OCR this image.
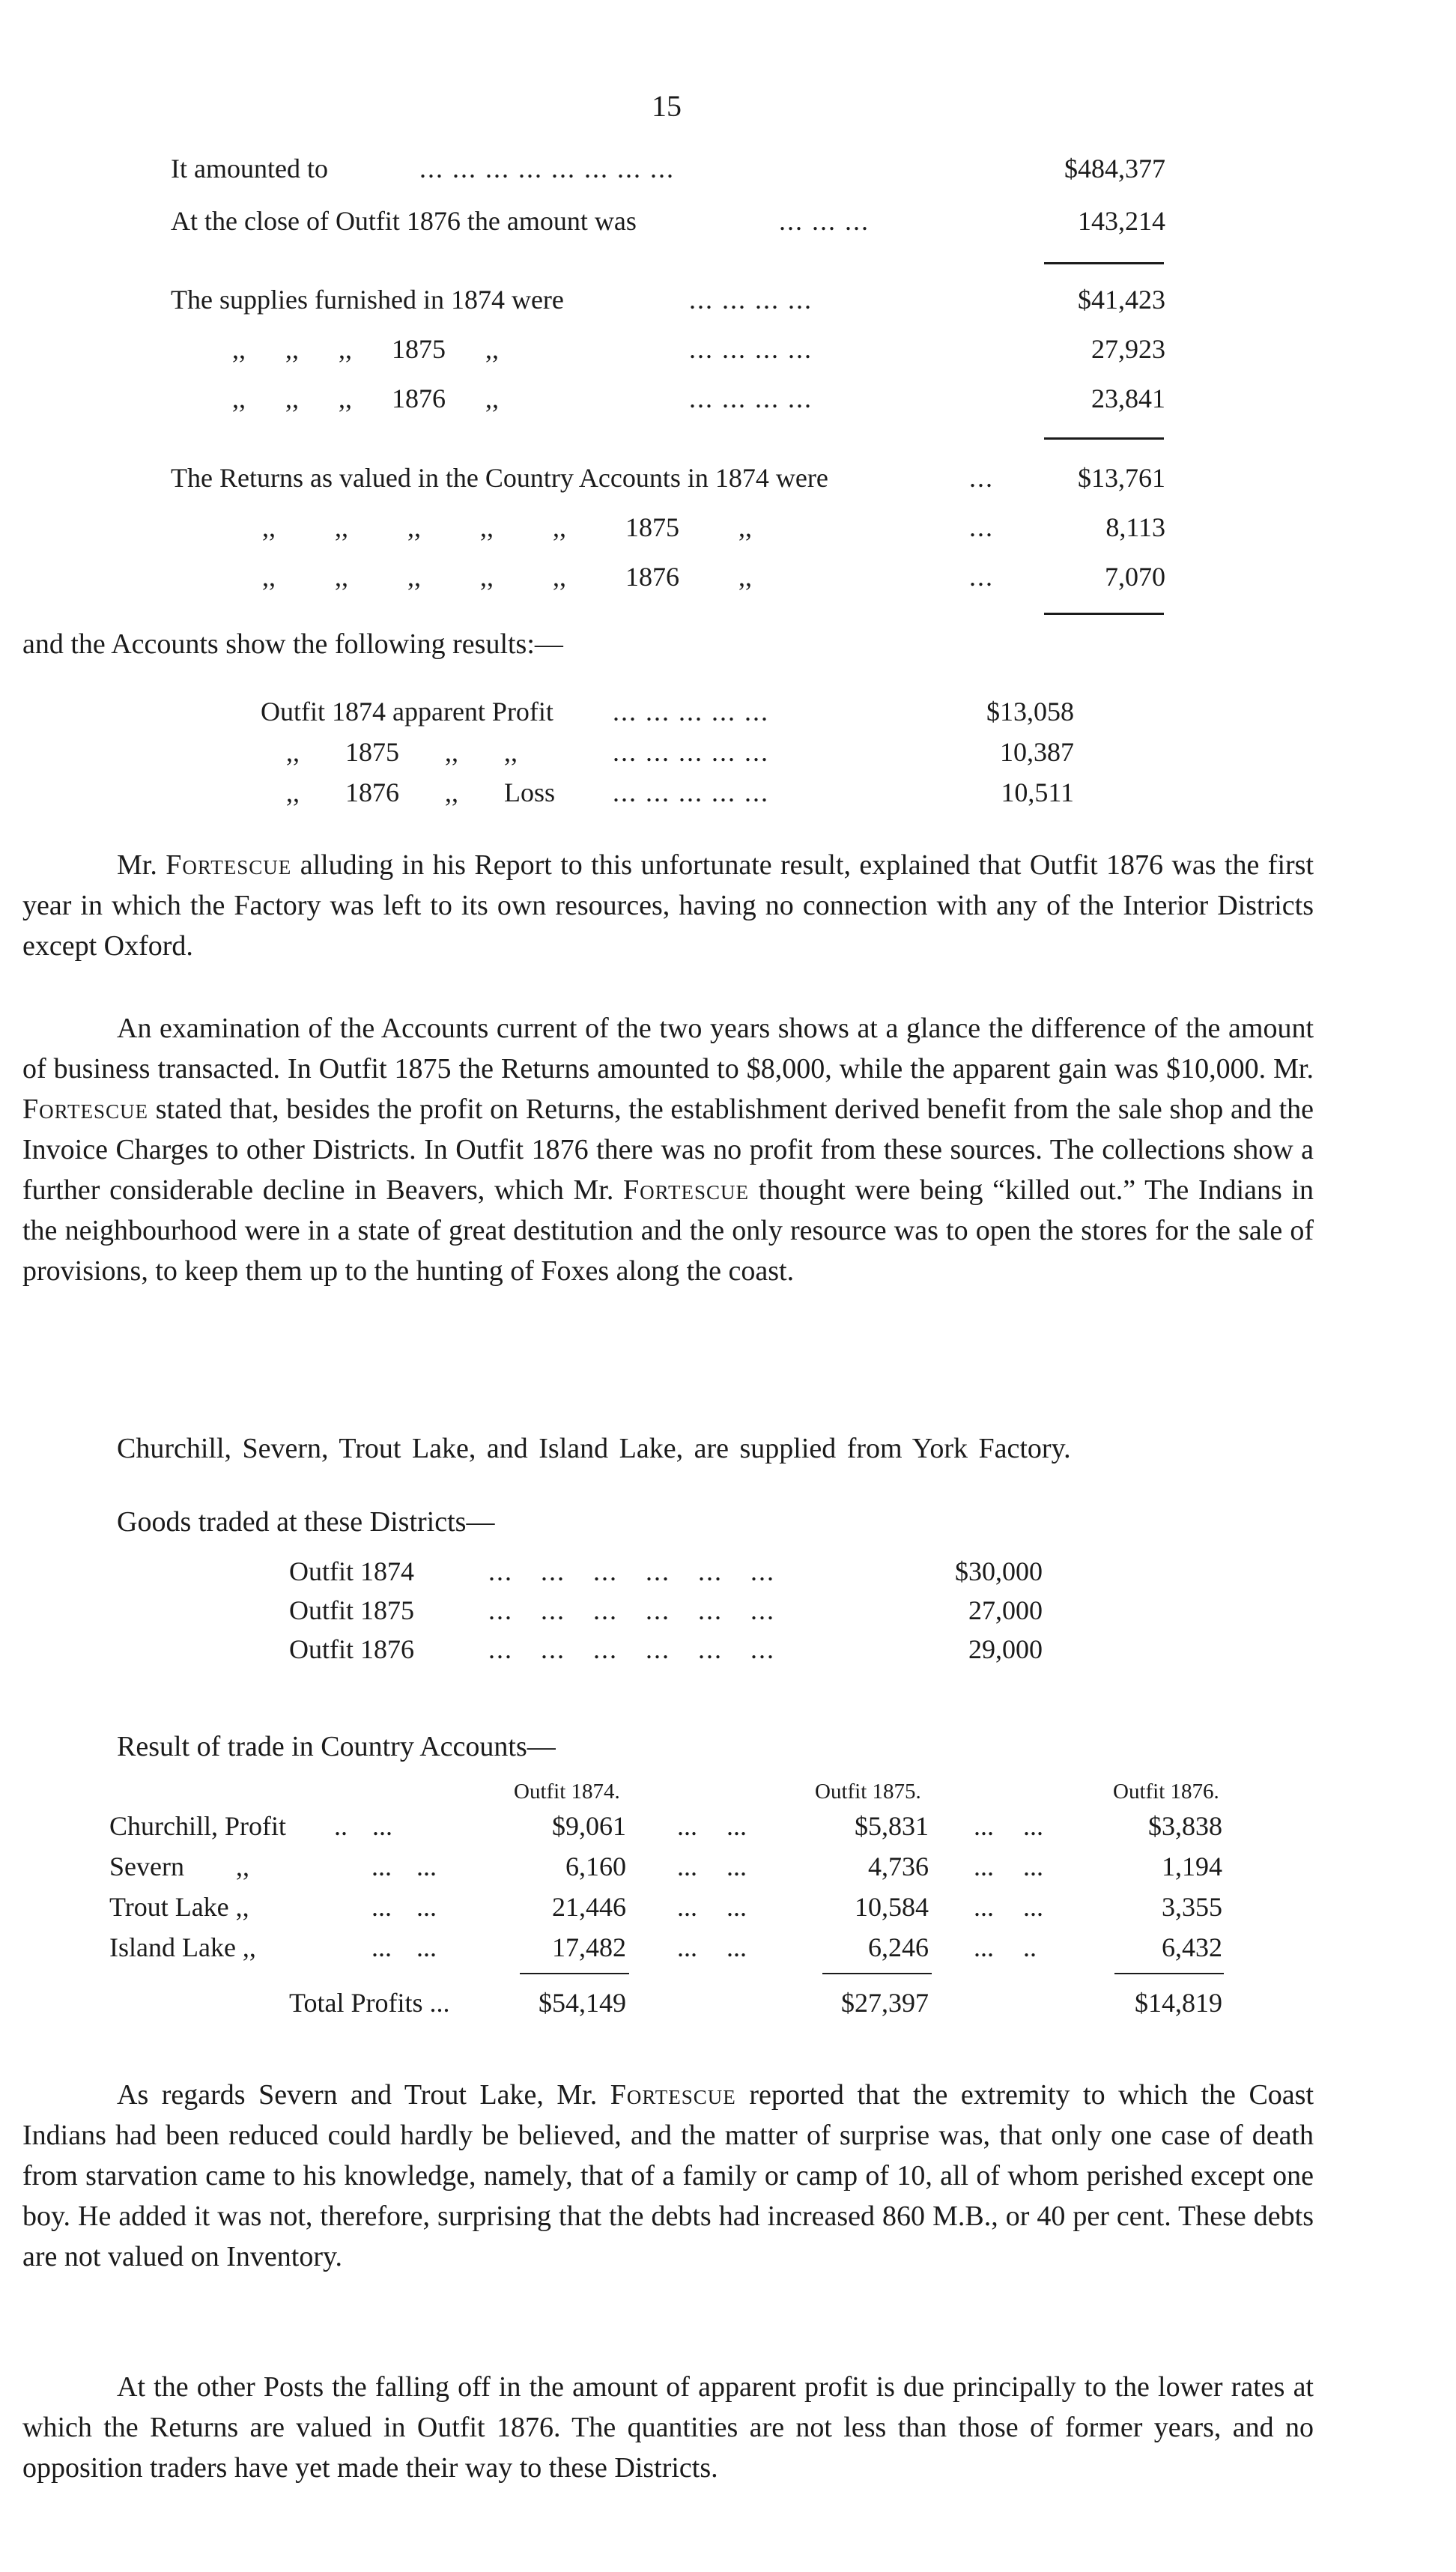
15
It amounted to	... ... ... ... ... ... ... ...	$484,377
At the close of Outfit 1876 the amount was	... ... ...	143,214
The supplies furnished in 1874 were	... ... ... ...	$41,423
,, ,, ,, 1875 ,,	... ... ... ...	27,923
,, ,, ,, 1876 ,,	... ... ... ...	23,841
The Returns as valued in the Country Accounts in 1874 were	...	$13,761
,, ,, ,, ,, ,, 1875 ,,	...	8,113
,, ,, ,, ,, ,, 1876 ,,	...	7,070
and the Accounts show the following results:—
Outfit 1874 apparent Profit ... ... ... ... ...	$13,058
,, 1875 ,, ,,	... ... ... ... ...	10,387
,, 1876 ,, Loss ... ... ... ... ...	10,511

Mr. Fortescue alluding in his Report to this unfortunate result, explained that Outfit 1876 was the first year in which the Factory was left to its own resources, having no connection with any of the Interior Districts except Oxford.

An examination of the Accounts current of the two years shows at a glance the difference of the amount of business transacted. In Outfit 1875 the Returns amounted to $8,000, while the apparent gain was $10,000. Mr. Fortescue stated that, besides the profit on Returns, the establishment derived benefit from the sale shop and the Invoice Charges to other Districts. In Outfit 1876 there was no profit from these sources. The collections show a further considerable decline in Beavers, which Mr. Fortescue thought were being “killed out.” The Indians in the neighbourhood were in a state of great destitution and the only resource was to open the stores for the sale of provisions, to keep them up to the hunting of Foxes along the coast.

Churchill, Severn, Trout Lake, and Island Lake, are supplied from York Factory.
Goods traded at these Districts—
Outfit 1874	... ... ... ... ... ...	$30,000
Outfit 1875	... ... ... ... ... ...	27,000
Outfit 1876	... ... ... ... ... ...	29,000
Result of trade in Country Accounts—
Outfit 1874.	Outfit 1875.	Outfit 1876.
Churchill, Profit .. ...	$9,061 ... ...	$5,831 ... ...	$3,838
Severn ,,	... ...	6,160 ... ...	4,736 ... ...	1,194
Trout Lake ,,	... ...	21,446 ... ...	10,584 ... ...	3,355
Island Lake ,,	... ...	17,482 ... ...	6,246 ... ..	6,432
Total Profits ...	$54,149	$27,397	$14,819

As regards Severn and Trout Lake, Mr. Fortescue reported that the extremity to which the Coast Indians had been reduced could hardly be believed, and the matter of surprise was, that only one case of death from starvation came to his knowledge, namely, that of a family or camp of 10, all of whom perished except one boy. He added it was not, therefore, surprising that the debts had increased 860 M.B., or 40 per cent. These debts are not valued on Inventory.

At the other Posts the falling off in the amount of apparent profit is due principally to the lower rates at which the Returns are valued in Outfit 1876. The quantities are not less than those of former years, and no opposition traders have yet made their way to these Districts.
